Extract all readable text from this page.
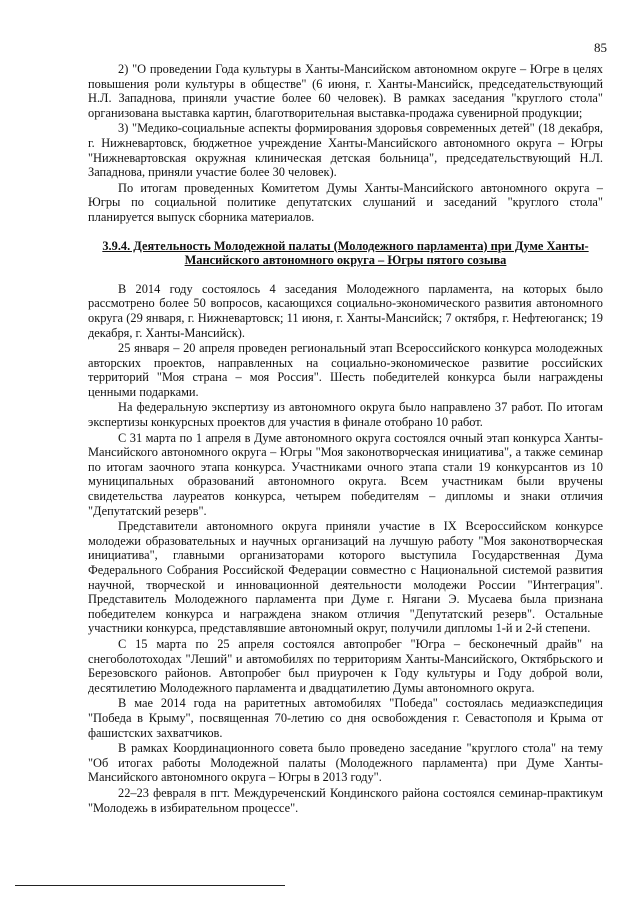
85

2) "О проведении Года культуры в Ханты-Мансийском автономном округе – Югре в целях повышения роли культуры в обществе" (6 июня, г. Ханты-Мансийск, председательствующий Н.Л. Западнова, приняли участие более 60 человек). В рамках заседания "круглого стола" организована выставка картин, благотворительная выставка-продажа сувенирной продукции;

3) "Медико-социальные аспекты формирования здоровья современных детей" (18 декабря, г. Нижневартовск, бюджетное учреждение Ханты-Мансийского автономного округа – Югры "Нижневартовская окружная клиническая детская больница", председательствующий Н.Л. Западнова, приняли участие более 30 человек).

По итогам проведенных Комитетом Думы Ханты-Мансийского автономного округа – Югры по социальной политике депутатских слушаний и заседаний "круглого стола" планируется выпуск сборника материалов.

3.9.4. Деятельность Молодежной палаты (Молодежного парламента) при Думе Ханты-Мансийского автономного округа – Югры пятого созыва

В 2014 году состоялось 4 заседания Молодежного парламента, на которых было рассмотрено более 50 вопросов, касающихся социально-экономического развития автономного округа (29 января, г. Нижневартовск; 11 июня, г. Ханты-Мансийск; 7 октября, г. Нефтеюганск; 19 декабря, г. Ханты-Мансийск).

25 января – 20 апреля проведен региональный этап Всероссийского конкурса молодежных авторских проектов, направленных на социально-экономическое развитие российских территорий "Моя страна – моя Россия". Шесть победителей конкурса были награждены ценными подарками.

На федеральную экспертизу из автономного округа было направлено 37 работ. По итогам экспертизы конкурсных проектов для участия в финале отобрано 10 работ.

С 31 марта по 1 апреля в Думе автономного округа состоялся очный этап конкурса Ханты-Мансийского автономного округа – Югры "Моя законотворческая инициатива", а также семинар по итогам заочного этапа конкурса. Участниками очного этапа стали 19 конкурсантов из 10 муниципальных образований автономного округа. Всем участникам были вручены свидетельства лауреатов конкурса, четырем победителям – дипломы и знаки отличия "Депутатский резерв".

Представители автономного округа приняли участие в IX Всероссийском конкурсе молодежи образовательных и научных организаций на лучшую работу "Моя законотворческая инициатива", главными организаторами которого выступила Государственная Дума Федерального Собрания Российской Федерации совместно с Национальной системой развития научной, творческой и инновационной деятельности молодежи России "Интеграция". Представитель Молодежного парламента при Думе г. Нягани Э. Мусаева была признана победителем конкурса и награждена знаком отличия "Депутатский резерв". Остальные участники конкурса, представлявшие автономный округ, получили дипломы 1-й и 2-й степени.

С 15 марта по 25 апреля состоялся автопробег "Югра – бесконечный драйв" на снегоболотоходах "Леший" и автомобилях по территориям Ханты-Мансийского, Октябрьского и Березовского районов. Автопробег был приурочен к Году культуры и Году доброй воли, десятилетию Молодежного парламента и двадцатилетию Думы автономного округа.

В мае 2014 года на раритетных автомобилях "Победа" состоялась медиаэкспедиция "Победа в Крыму", посвященная 70-летию со дня освобождения г. Севастополя и Крыма от фашистских захватчиков.

В рамках Координационного совета было проведено заседание "круглого стола" на тему "Об итогах работы Молодежной палаты (Молодежного парламента) при Думе Ханты-Мансийского автономного округа – Югры в 2013 году".

22–23 февраля в пгт. Междуреченский Кондинского района состоялся семинар-практикум "Молодежь в избирательном процессе".
